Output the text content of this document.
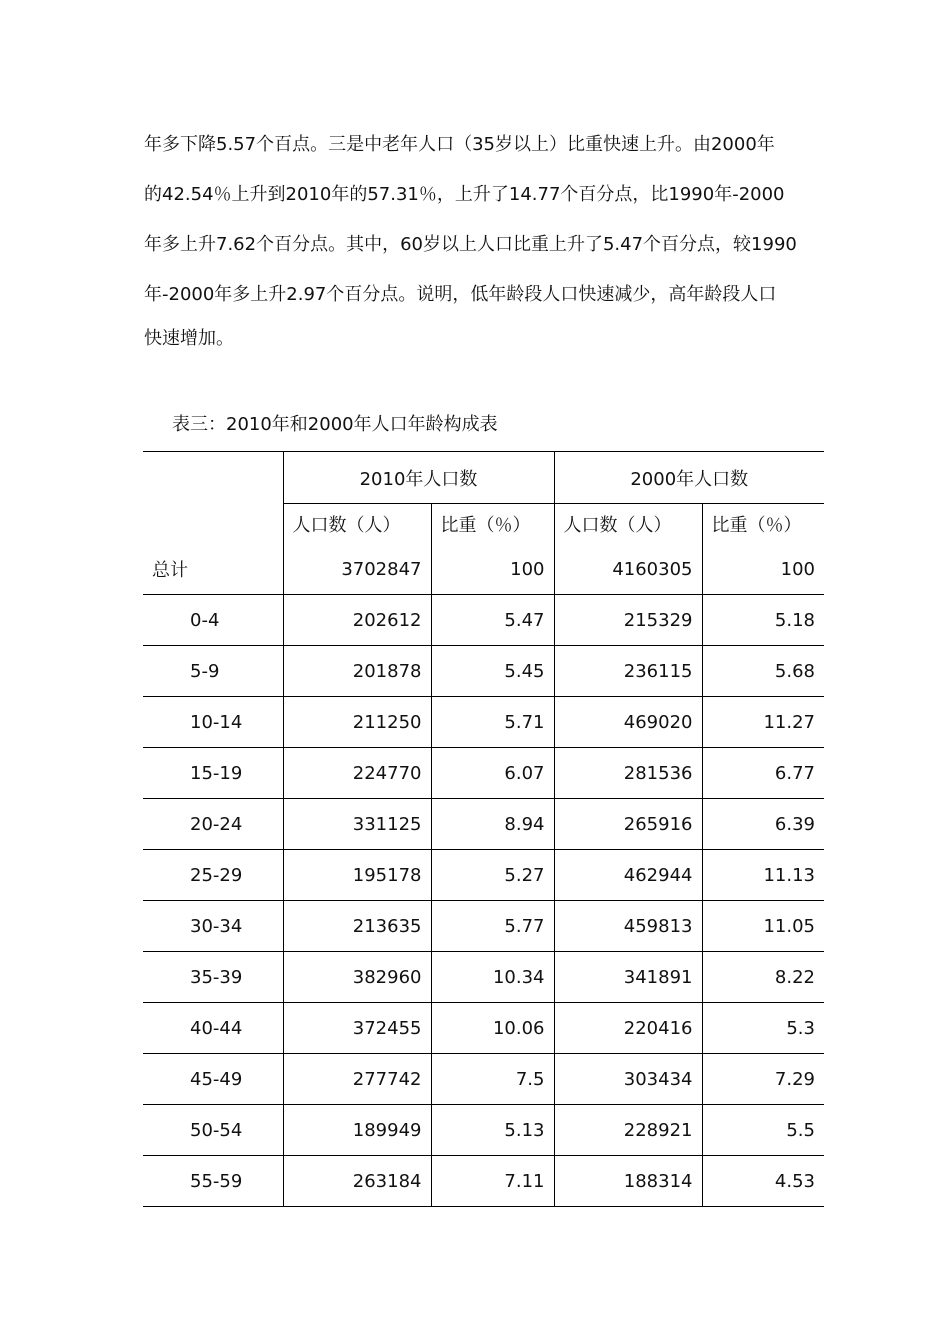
年多下降5.57个百点。三是中老年人口（35岁以上）比重快速上升。由2000年
的42.54％上升到2010年的57.31％，上升了14.77个百分点，比1990年-2000
年多上升7.62个百分点。其中，60岁以上人口比重上升了5.47个百分点，较1990
年-2000年多上升2.97个百分点。说明，低年龄段人口快速减少，高年龄段人口
快速增加。

表三：2010年和2000年人口年龄构成表
	2010年人口数		2000年人口数	
	人口数（人）	比重（％）	人口数（人）	比重（％）
总计	3702847	100	4160305	100
0-4	202612	5.47	215329	5.18
5-9	201878	5.45	236115	5.68
10-14	211250	5.71	469020	11.27
15-19	224770	6.07	281536	6.77
20-24	331125	8.94	265916	6.39
25-29	195178	5.27	462944	11.13
30-34	213635	5.77	459813	11.05
35-39	382960	10.34	341891	8.22
40-44	372455	10.06	220416	5.3
45-49	277742	7.5	303434	7.29
50-54	189949	5.13	228921	5.5
55-59	263184	7.11	188314	4.53
